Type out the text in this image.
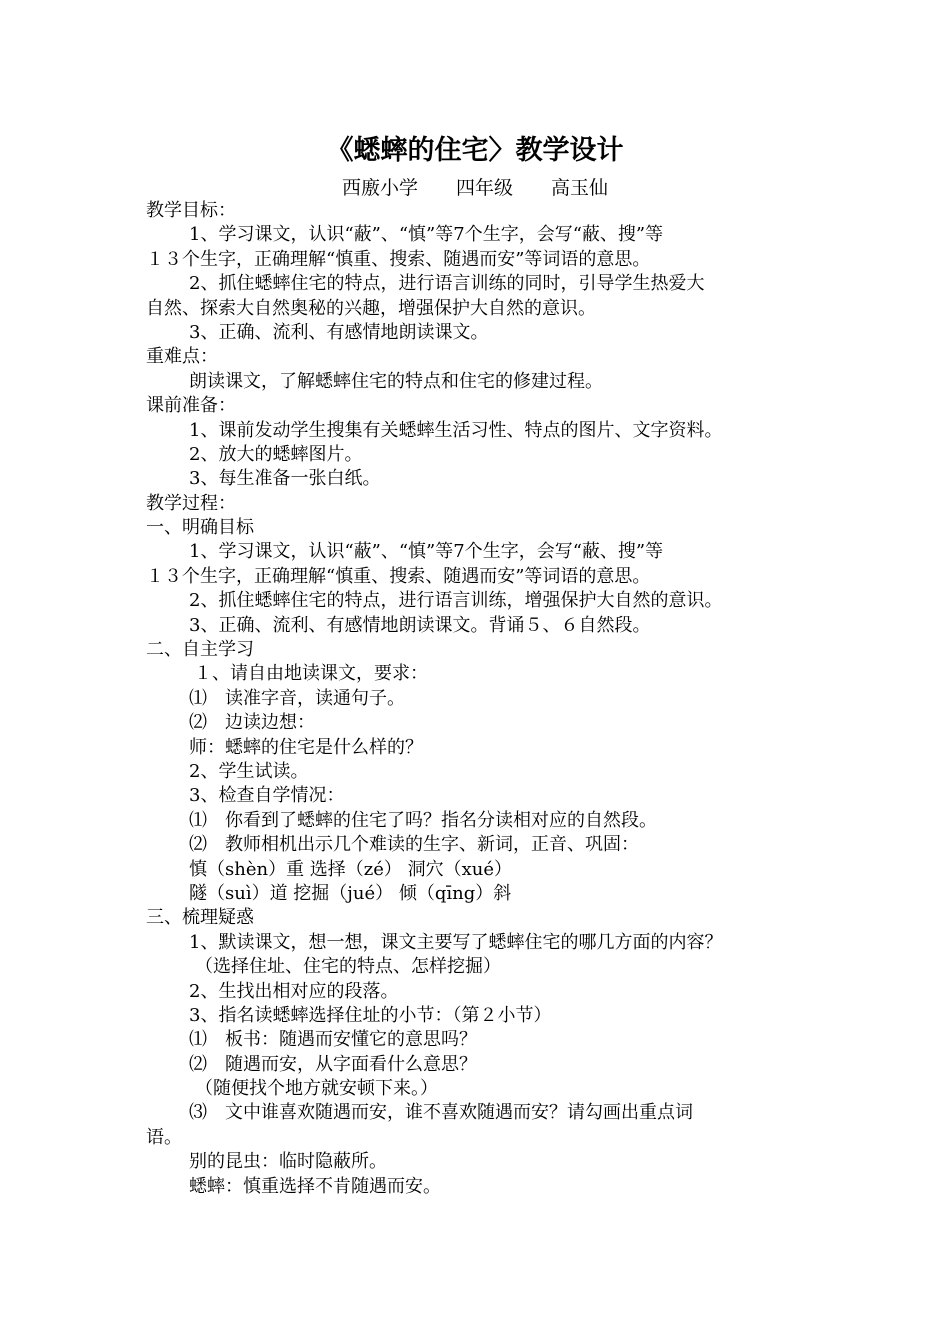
《蟋蟀的住宅〉教学设计
西廒小学　　四年级　　高玉仙
教学目标：
1、学习课文，认识“蔽”、“慎”等7个生字，会写“蔽、搜”等
１３个生字，正确理解“慎重、搜索、随遇而安”等词语的意思。
2、抓住蟋蟀住宅的特点，进行语言训练的同时，引导学生热爱大
自然、探索大自然奥秘的兴趣，增强保护大自然的意识。
3、正确、流利、有感情地朗读课文。
重难点：
朗读课文，了解蟋蟀住宅的特点和住宅的修建过程。
课前准备：
1、课前发动学生搜集有关蟋蟀生活习性、特点的图片、文字资料。
2、放大的蟋蟀图片。
3、每生准备一张白纸。
教学过程：
一、明确目标
1、学习课文，认识“蔽”、“慎”等7个生字，会写“蔽、搜”等
１３个生字，正确理解“慎重、搜索、随遇而安”等词语的意思。
2、抓住蟋蟀住宅的特点，进行语言训练，增强保护大自然的意识。
3、正确、流利、有感情地朗读课文。背诵５、６自然段。
二、自主学习
１、请自由地读课文，要求：
⑴　读准字音，读通句子。
⑵　边读边想：
师：蟋蟀的住宅是什么样的？
2、学生试读。
3、检查自学情况：
⑴　你看到了蟋蟀的住宅了吗？指名分读相对应的自然段。
⑵　教师相机出示几个难读的生字、新词，正音、巩固：
慎（shèn）重 选择（zé） 洞穴（xué）
隧（suì）道 挖掘（jué） 倾（qīng）斜
三、梳理疑惑
1、默读课文，想一想，课文主要写了蟋蟀住宅的哪几方面的内容？
（选择住址、住宅的特点、怎样挖掘）
2、生找出相对应的段落。
3、指名读蟋蟀选择住址的小节：（第２小节）
⑴　板书：随遇而安懂它的意思吗？
⑵　随遇而安，从字面看什么意思？
（随便找个地方就安顿下来。）
⑶　文中谁喜欢随遇而安，谁不喜欢随遇而安？请勾画出重点词
语。
别的昆虫：临时隐蔽所。
蟋蟀：慎重选择不肯随遇而安。
